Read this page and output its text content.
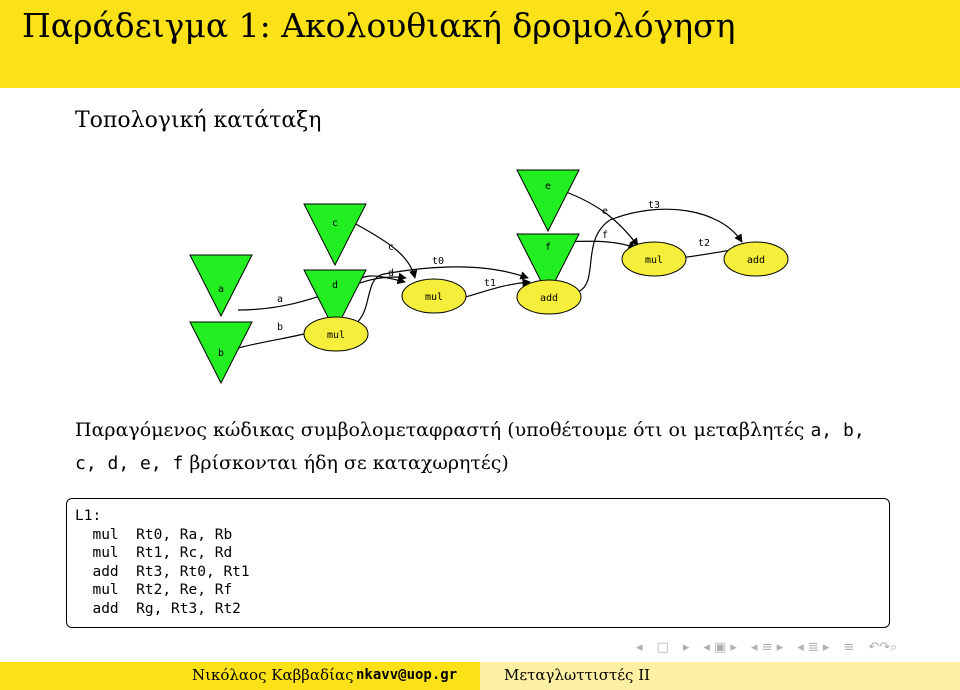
Παράδειγμα 1: Ακολουθιακή δρομολόγηση
Τοπολογική κατάταξη
a
b
c
d
e
f
mul
mul
add
mul	add
a
b
c
d
t0
t1
e
f
t3
t2
Παραγόμενος κώδικας συμβολομεταφραστή (υποθέτουμε ότι οι μεταβλητές a, b, c, d, e, f βρίσκονται ήδη σε καταχωρητές)
L1:
mul Rt0, Ra, Rb
mul Rt1, Rc, Rd
add Rt3, Rt0, Rt1
mul Rt2, Re, Rf
add Rg, Rt3, Rt2
◂ □ ▸ ◂ ▣ ▸ ◂ ≡ ▸ ◂ ≣ ▸ ≡ ↶↷⌕
Νικόλαος Καββαδίας nkavv@uop.gr	Μεταγλωττιστές ΙΙ
